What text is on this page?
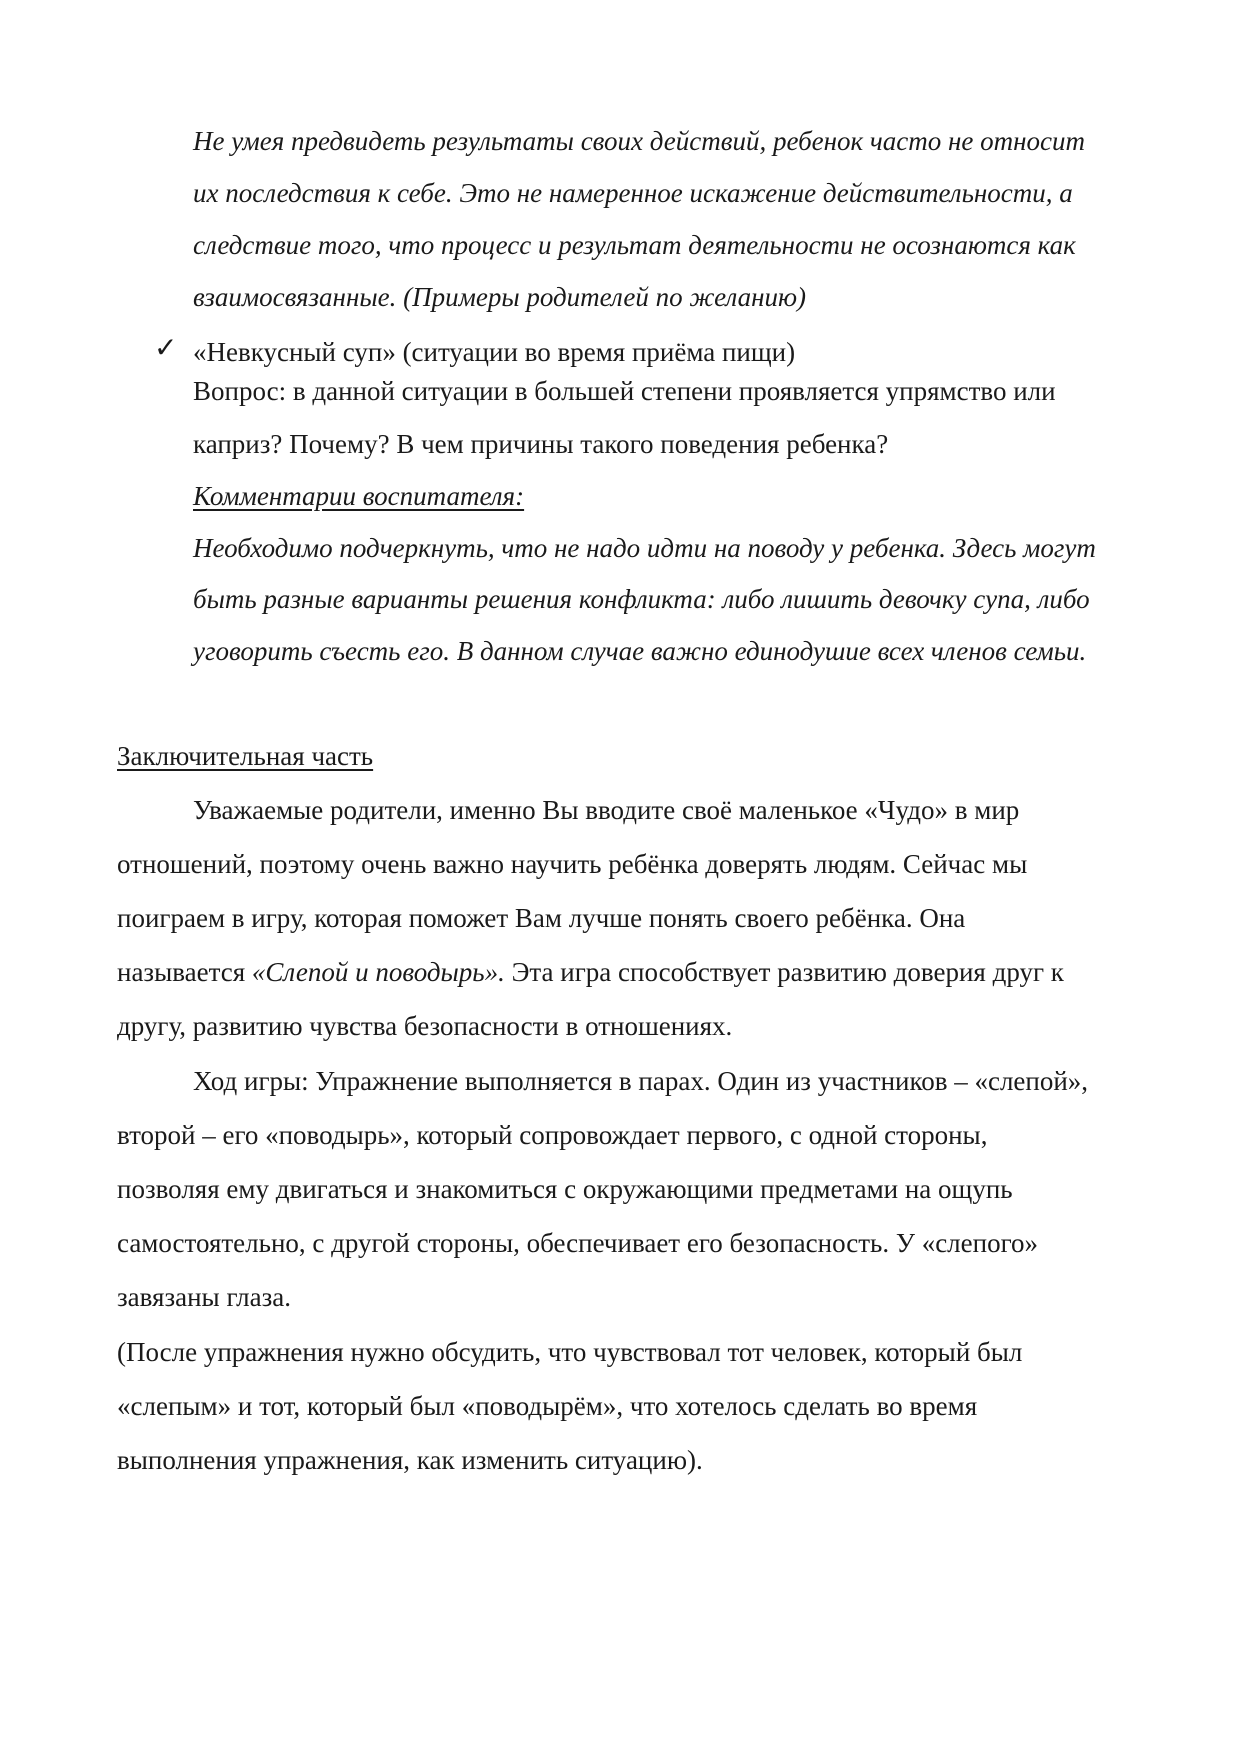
Не умея предвидеть результаты своих действий, ребенок часто не относит
их последствия к себе. Это не намеренное искажение действительности, а
следствие того, что процесс и результат деятельности не осознаются как
взаимосвязанные. (Примеры родителей по желанию)
✓ «Невкусный суп» (ситуации во время приёма пищи)
Вопрос: в данной ситуации в большей степени проявляется упрямство или
каприз? Почему? В чем причины такого поведения ребенка?
Комментарии воспитателя:
Необходимо подчеркнуть, что не надо идти на поводу у ребенка. Здесь могут
быть разные варианты решения конфликта: либо лишить девочку супа, либо
уговорить съесть его. В данном случае важно единодушие всех членов семьи.
Заключительная часть
Уважаемые родители, именно Вы вводите своё маленькое «Чудо» в мир
отношений, поэтому очень важно научить ребёнка доверять людям. Сейчас мы
поиграем в игру, которая поможет Вам лучше понять своего ребёнка. Она
называется «Слепой и поводырь». Эта игра способствует развитию доверия друг к
другу, развитию чувства безопасности в отношениях.
Ход игры: Упражнение выполняется в парах. Один из участников – «слепой»,
второй – его «поводырь», который сопровождает первого, с одной стороны,
позволяя ему двигаться и знакомиться с окружающими предметами на ощупь
самостоятельно, с другой стороны, обеспечивает его безопасность. У «слепого»
завязаны глаза.
(После упражнения нужно обсудить, что чувствовал тот человек, который был
«слепым» и тот, который был «поводырём», что хотелось сделать во время
выполнения упражнения, как изменить ситуацию).
